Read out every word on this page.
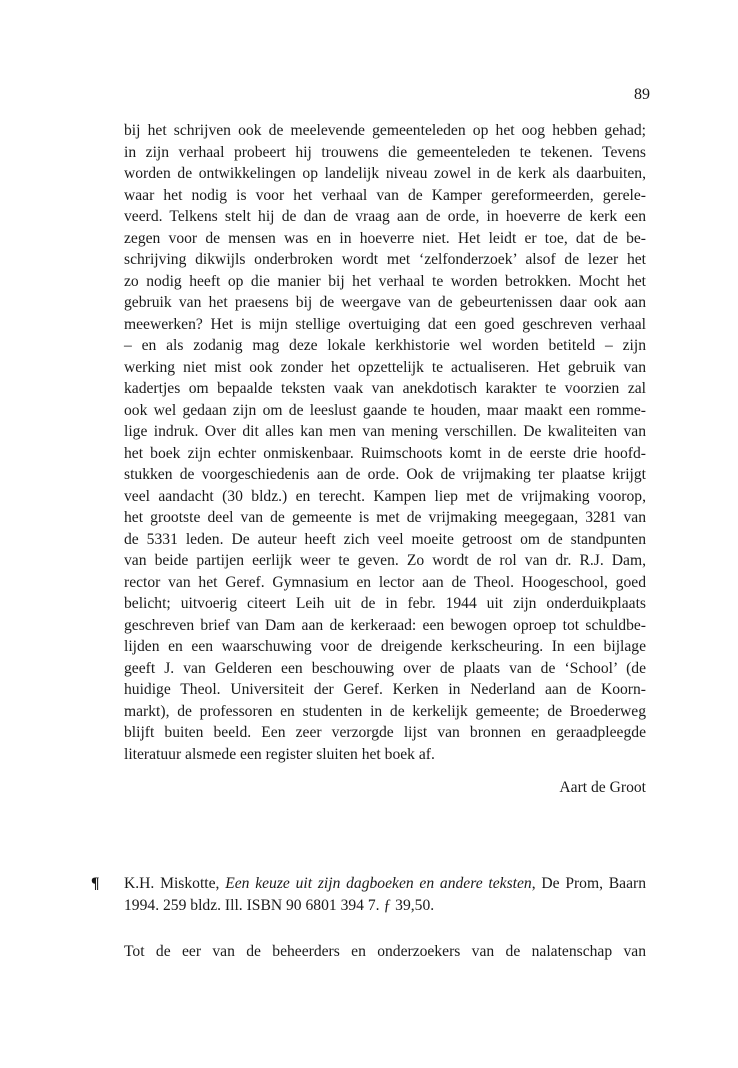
89
bij het schrijven ook de meelevende gemeenteleden op het oog hebben gehad;
in zijn verhaal probeert hij trouwens die gemeenteleden te tekenen. Tevens
worden de ontwikkelingen op landelijk niveau zowel in de kerk als daarbuiten,
waar het nodig is voor het verhaal van de Kamper gereformeerden, gerele-
veerd. Telkens stelt hij de dan de vraag aan de orde, in hoeverre de kerk een
zegen voor de mensen was en in hoeverre niet. Het leidt er toe, dat de be-
schrijving dikwijls onderbroken wordt met ‘zelfonderzoek’ alsof de lezer het
zo nodig heeft op die manier bij het verhaal te worden betrokken. Mocht het
gebruik van het praesens bij de weergave van de gebeurtenissen daar ook aan
meewerken? Het is mijn stellige overtuiging dat een goed geschreven verhaal
– en als zodanig mag deze lokale kerkhistorie wel worden betiteld – zijn
werking niet mist ook zonder het opzettelijk te actualiseren. Het gebruik van
kadertjes om bepaalde teksten vaak van anekdotisch karakter te voorzien zal
ook wel gedaan zijn om de leeslust gaande te houden, maar maakt een romme-
lige indruk. Over dit alles kan men van mening verschillen. De kwaliteiten van
het boek zijn echter onmiskenbaar. Ruimschoots komt in de eerste drie hoofd-
stukken de voorgeschiedenis aan de orde. Ook de vrijmaking ter plaatse krijgt
veel aandacht (30 bldz.) en terecht. Kampen liep met de vrijmaking voorop,
het grootste deel van de gemeente is met de vrijmaking meegegaan, 3281 van
de 5331 leden. De auteur heeft zich veel moeite getroost om de standpunten
van beide partijen eerlijk weer te geven. Zo wordt de rol van dr. R.J. Dam,
rector van het Geref. Gymnasium en lector aan de Theol. Hoogeschool, goed
belicht; uitvoerig citeert Leih uit de in febr. 1944 uit zijn onderduikplaats
geschreven brief van Dam aan de kerkeraad: een bewogen oproep tot schuldbe-
lijden en een waarschuwing voor de dreigende kerkscheuring. In een bijlage
geeft J. van Gelderen een beschouwing over de plaats van de ‘School’ (de
huidige Theol. Universiteit der Geref. Kerken in Nederland aan de Koorn-
markt), de professoren en studenten in de kerkelijk gemeente; de Broederweg
blijft buiten beeld. Een zeer verzorgde lijst van bronnen en geraadpleegde
literatuur alsmede een register sluiten het boek af.
Aart de Groot
¶	K.H. Miskotte, Een keuze uit zijn dagboeken en andere teksten, De Prom, Baarn
1994. 259 bldz. Ill. ISBN 90 6801 394 7. ƒ 39,50.
Tot de eer van de beheerders en onderzoekers van de nalatenschap van
